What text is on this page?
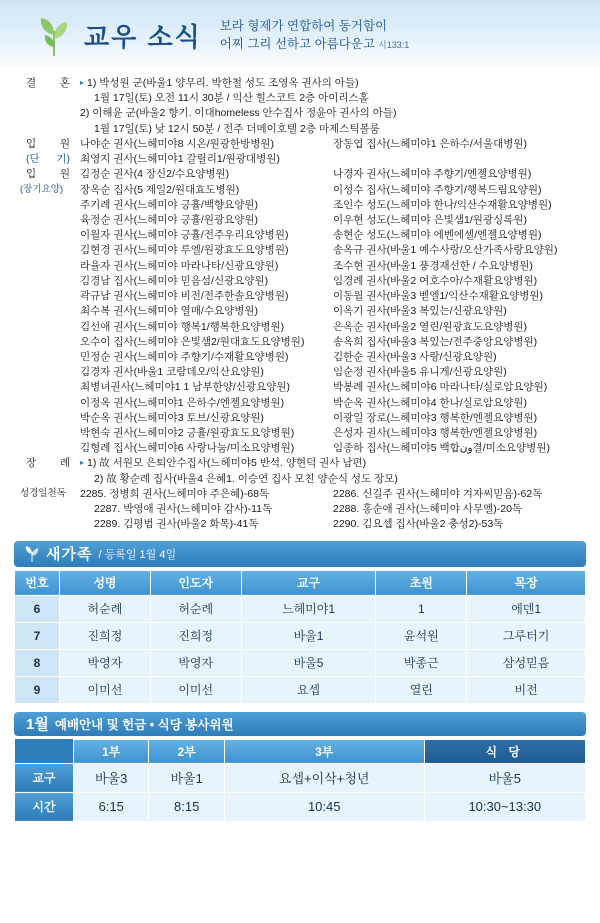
교우 소식 보라 형제가 연합하여 동거함이
어찌 그리 선하고 아름다운고 시133:1
결 혼	▸ 1) 박성원 군(바울1 양무리. 박한철 성도 조영옥 권사의 아들)
1월 17일(토) 오전 11시 30분 / 익산 힐스코트 2층 아이리스홀
2) 이해윤 군(바울2 향기. 이대homeless 안수집사 정윤아 권사의 아들)
1월 17일(토) 낮 12시 50분 / 전주 더메이호텔 2층 마제스틱볼룸
입 원 나야순 권사(느헤미야8 시온/원광한방병원)	장동엽 집사(느헤미야1 은하수/서울대병원)
(단 기) 최영지 권사(느헤미야1 갈릴리1/원광대병원)
입 원 김정순 권사(4 장신2/수요양병원)	나경자 권사(느헤미야 주향기/엔젤요양병원)
(장기요양)	장옥순 집사(5 제일2/원대효도병원)	이성수 집사(느헤미야 주향기/행복드림요양원)
주기례 권사(느헤미야 긍휼/백향요양원)	조인수 성도(느헤미야 한나/익산수재활요양병원)
육정순 권사(느헤미야 긍휼/원광요양원)	이우현 성도(느헤미야 은빛샘1/원광싱록원)
이월자 권사(느헤미야 긍휼/전주우리요양병원)	송현순 성도(느헤미야 에벤에셀/엔젤요양병원)
김현경 권사(느헤미야 루엘/원광효도요양병원)	송옥규 권사(바울1 예수사랑/오산가족사랑요양원)
라율자 권사(느헤미야 마라나타/신광요양원)	조수현 권사(바울1 풍경재선한 / 수요양병원)
김경남 집사(느헤미야 믿음섬/신광요양원)	임경례 권사(바울2 여호수아/수재활요양병원)
곽규남 권사(느헤미야 비전/전주한솔요양병원)	이동월 권사(바울3 벧엘1/익산수재활요양병원)
최수복 권사(느헤미야 열매/수요양병원)	이옥기 권사(바울3 복있는/신광요양원)
김선애 권사(느헤미야 행복1/행복한요양병원)	은옥순 권사(바울2 열린/원광효도요양병원)
오수이 집사(느헤미야 은빛샘2/원대효도요양병원)	송옥희 집사(바울3 복있는/전주중앙요양병원)
민정순 권사(느헤미야 주향기/수재활요양병원)	김한순 권사(바울3 사랑/신광요양원)
김경자 권사(바울1 코람데오/익산요양원)	임순정 권사(바울5 유니게/신광요양원)
최병녀권사(느헤미야1 1 남부한양/신광요양원)	박봉례 권사(느헤미야6 마라나타/실로암요양원)
이정옥 권사(느헤미야1 은하수/엔젤요양병원)	박순옥 권사(느헤미야4 한나/실로암요양원)
박순옥 권사(느헤미야3 토브/신광요양원)	이광일 장로(느헤미야3 행복한/엔젤요양병원)
박현숙 권사(느헤미야2 긍휼/원광효도요양병원)	은성자 권사(느헤미야3 행복한/엔젤요양병원)
김형례 집사(느헤미야6 사랑나눔/미소요양병원)	임종하 집사(느헤미야5 백합ون결/미소요양병원)
장 례	▸ 1) 故 서원모 은퇴안수집사(느헤미야5 반석. 양현덕 권사 남편)
2) 故 황순례 집사(바울4 은혜1. 이승연 집사 모친 양순식 성도 장모)
성경일천독	2285. 정병희 권사(느헤미야 주은혜)-68독	2286. 신길주 권사(느헤미야 겨자씨믿음)-62독
2287. 박영애 권사(느헤미야 감사)-11독	2288. 홍순애 권사(느헤미야 사무엘)-20독
2289. 김평범 권사(바울2 화목)-41독	2290. 김요셉 집사(바울2 충성2)-53독
새가족 / 등록일 1월 4일
번호	성명	인도자	교구	초원	목장
6	허순례	허순례	느헤미야1	1	에덴1
7	진희정	진희정	바울1	윤석원	그루터기
8	박영자	박영자	바울5	박종근	삼성믿음
9	이미선	이미선	요셉	열린	비전
1월 예배안내 및 헌금 • 식당 봉사위원
	1부	2부	3부	식 당
교구	바울3	바울1	요셉+이삭+청년	바울5
시간	6:15	8:15	10:45	10:30~13:30
